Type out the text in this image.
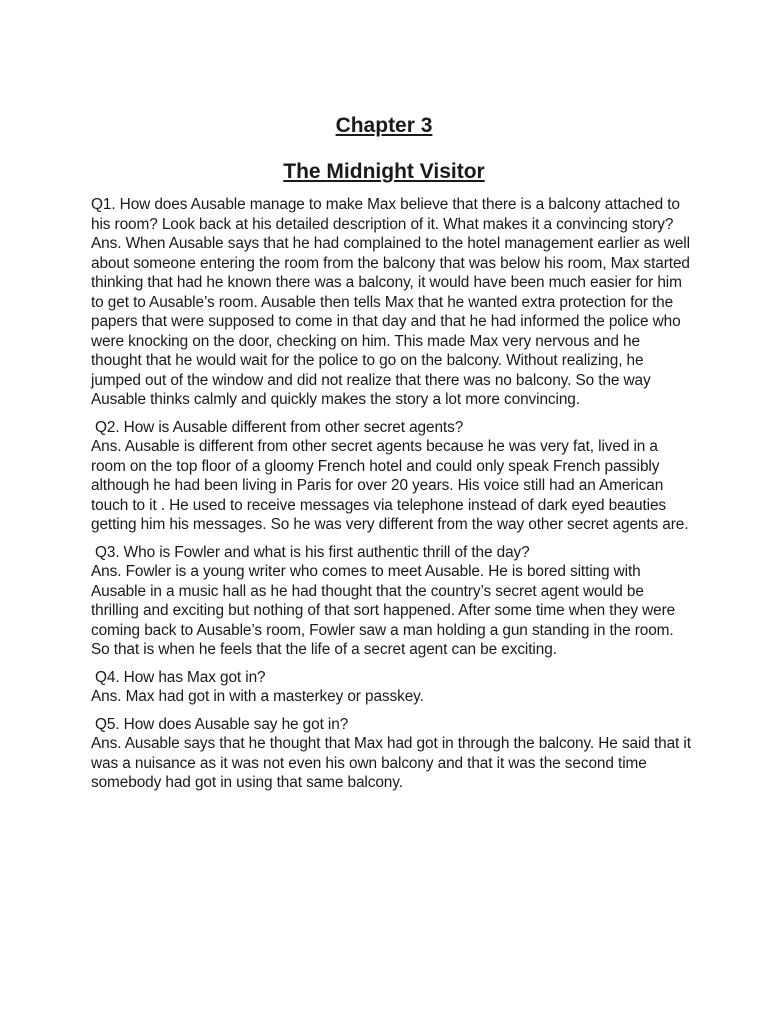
Chapter 3
The Midnight Visitor

Q1. How does Ausable manage to make Max believe that there is a balcony attached to his room? Look back at his detailed description of it. What makes it a convincing story?

Ans. When Ausable says that he had complained to the hotel management earlier as well about someone entering the room from the balcony that was below his room, Max started thinking that had he known there was a balcony, it would have been much easier for him to get to Ausable’s room. Ausable then tells Max that he wanted extra protection for the papers that were supposed to come in that day and that he had informed the police who were knocking on the door, checking on him. This made Max very nervous and he thought that he would wait for the police to go on the balcony. Without realizing, he jumped out of the window and did not realize that there was no balcony. So the way Ausable thinks calmly and quickly makes the story a lot more convincing.

Q2. How is Ausable different from other secret agents?

Ans. Ausable is different from other secret agents because he was very fat, lived in a room on the top floor of a gloomy French hotel and could only speak French passibly although he had been living in Paris for over 20 years. His voice still had an American touch to it . He used to receive messages via telephone instead of dark eyed beauties getting him his messages. So he was very different from the way other secret agents are.

Q3. Who is Fowler and what is his first authentic thrill of the day?

Ans. Fowler is a young writer who comes to meet Ausable. He is bored sitting with Ausable in a music hall as he had thought that the country’s secret agent would be thrilling and exciting but nothing of that sort happened. After some time when they were coming back to Ausable’s room, Fowler saw a man holding a gun standing in the room. So that is when he feels that the life of a secret agent can be exciting.

Q4. How has Max got in?

Ans. Max had got in with a masterkey or passkey.

Q5. How does Ausable say he got in?

Ans. Ausable says that he thought that Max had got in through the balcony. He said that it was a nuisance as it was not even his own balcony and that it was the second time somebody had got in using that same balcony.
